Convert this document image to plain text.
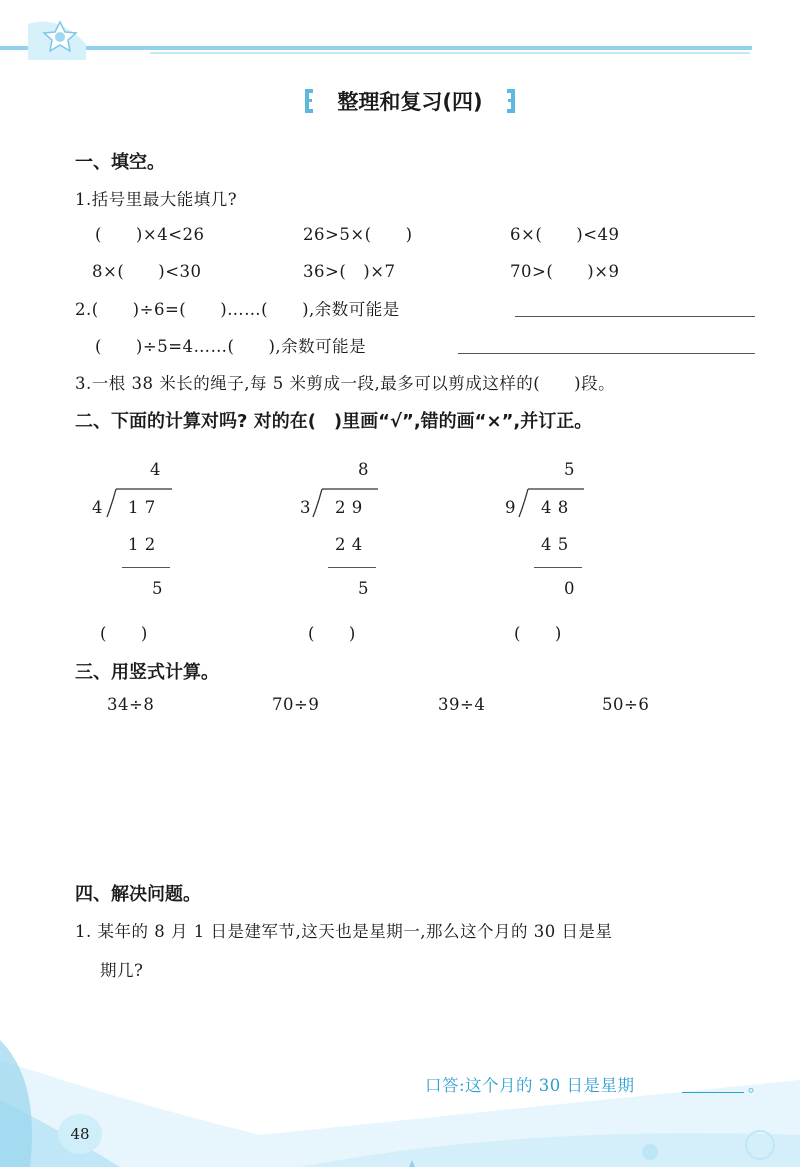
整理和复习(四)
一、填空。
1.括号里最大能填几?
(　　)×4<26	26>5×(　　)	6×(　　)<49
8×(　　)<30	36>(　)×7	70>(　　)×9
2.(　　)÷6=(　　)……(　　),余数可能是
(　　)÷5=4……(　　),余数可能是
3.一根 38 米长的绳子,每 5 米剪成一段,最多可以剪成这样的(　　)段。
二、下面的计算对吗? 对的在(　)里画“√”,错的画“×”,并订正。
4
4 1 7
1 2
5
(　　)
8
3 2 9
2 4
5
(　　)
5
9 4 8
4 5
0
(　　)
三、用竖式计算。
34÷8	70÷9	39÷4	50÷6
四、解决问题。
1. 某年的 8 月 1 日是建军节,这天也是星期一,那么这个月的 30 日是星
期几?
口答:这个月的 30 日是星期	。
48
